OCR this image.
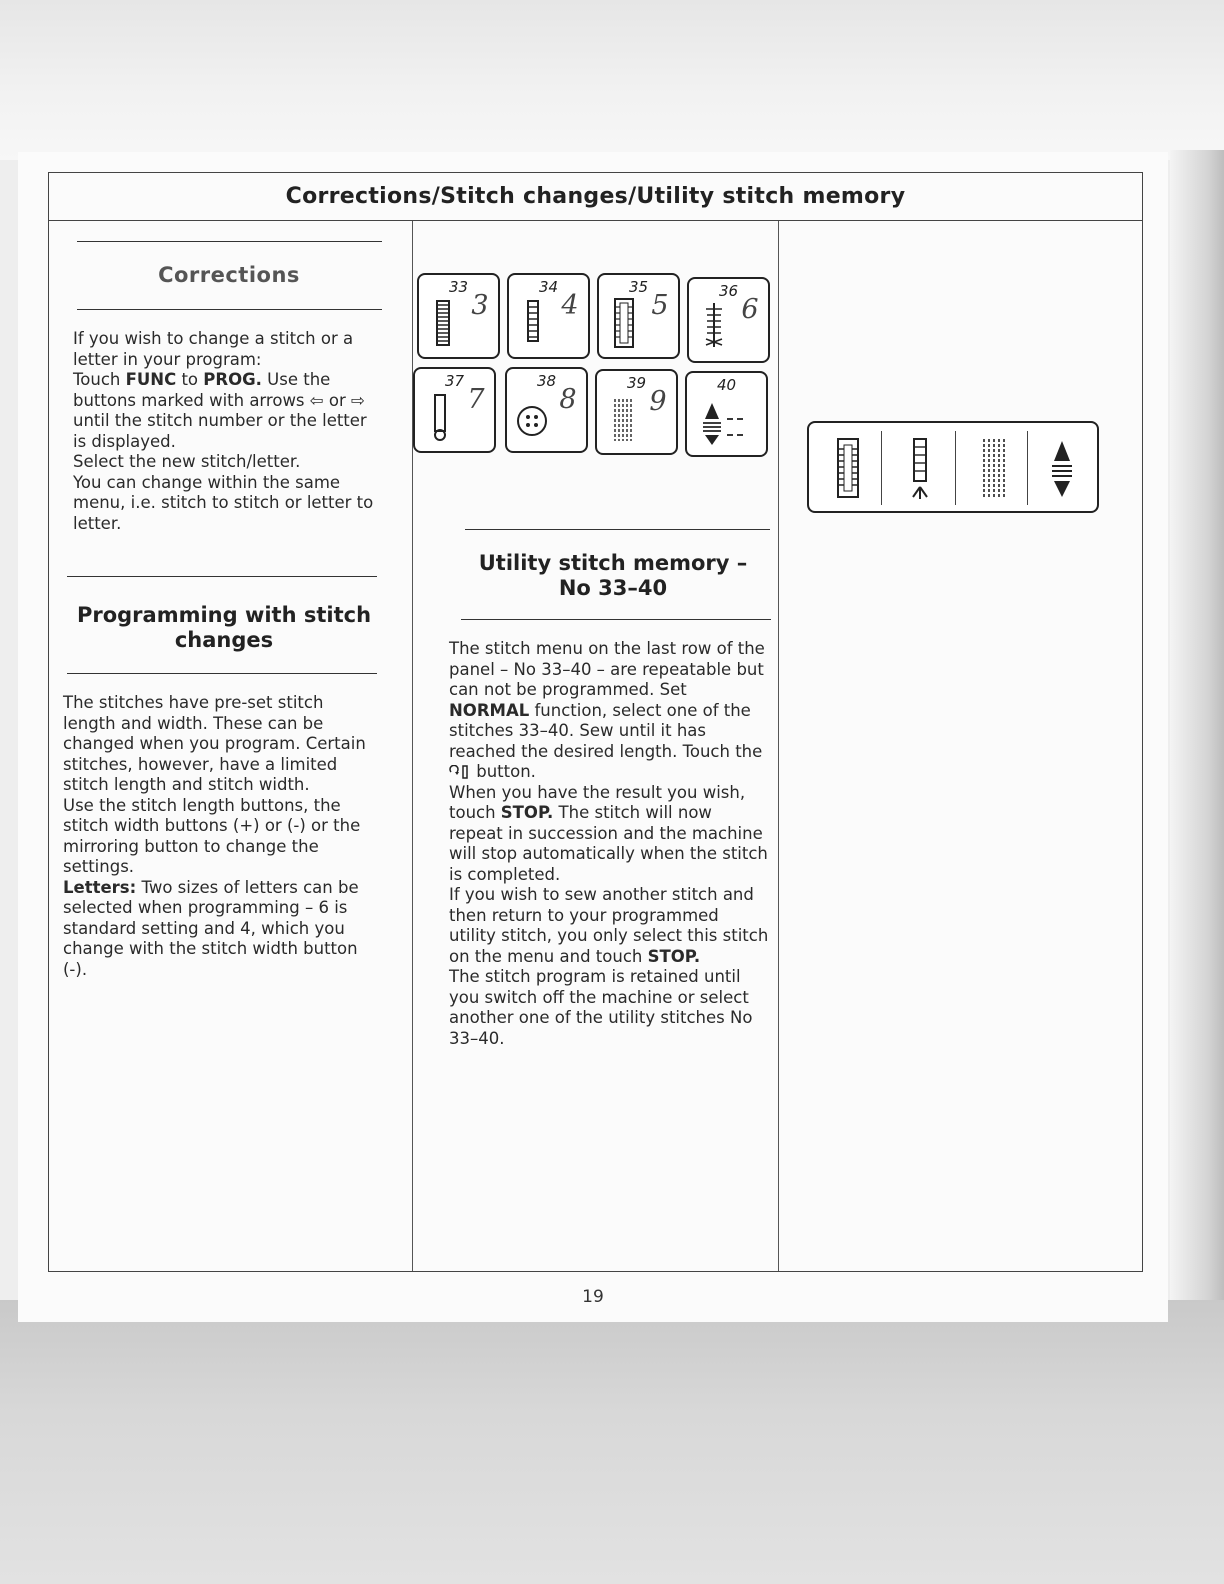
Corrections/Stitch changes/Utility stitch memory
Corrections

If you wish to change a stitch or a letter in your program:

Touch FUNC to PROG. Use the buttons marked with arrows ⇦ or ⇨ until the stitch number or the letter is displayed.

Select the new stitch/letter.

You can change within the same menu, i.e. stitch to stitch or letter to letter.

Programming with stitch changes

The stitches have pre-set stitch length and width. These can be changed when you program. Certain stitches, however, have a limited stitch length and stitch width.

Use the stitch length buttons, the stitch width buttons (+) or (-) or the mirroring button to change the settings.

Letters: Two sizes of letters can be selected when programming – 6 is standard setting and 4, which you change with the stitch width button (-).

33
3
34
4
35
5	36
6
37
7
38
8
39
9
40
Utility stitch memory –
No 33–40

The stitch menu on the last row of the panel – No 33–40 – are repeatable but can not be programmed. Set NORMAL function, select one of the stitches 33–40. Sew until it has reached the desired length. Touch the  button.

When you have the result you wish, touch STOP. The stitch will now repeat in succession and the machine will stop automatically when the stitch is completed.

If you wish to sew another stitch and then return to your programmed utility stitch, you only select this stitch on the menu and touch STOP.

The stitch program is retained until you switch off the machine or select another one of the utility stitches No 33–40.

19
